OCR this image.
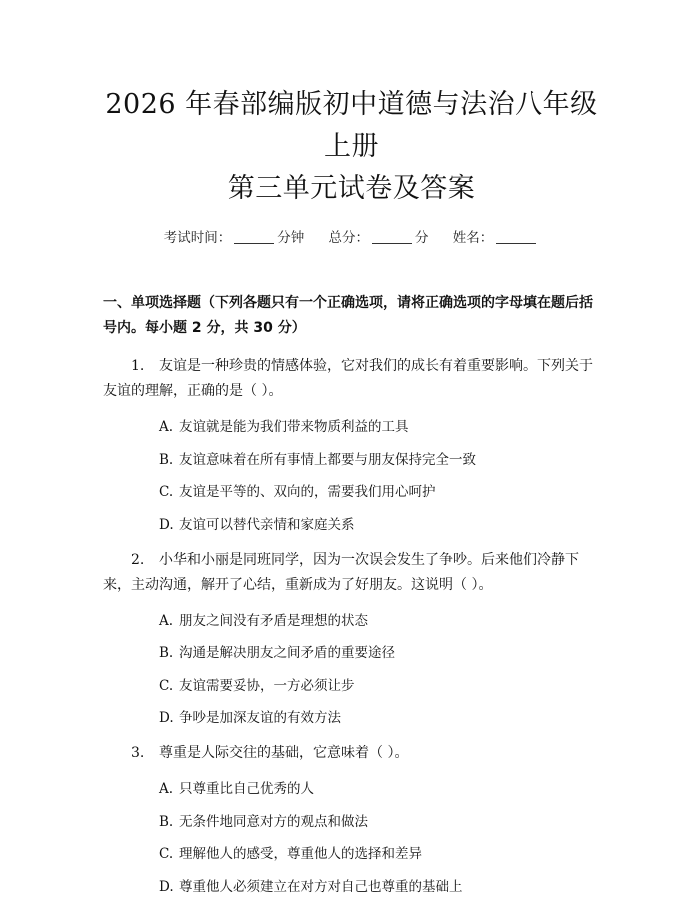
2026 年春部编版初中道德与法治八年级上册
第三单元试卷及答案
考试时间：	分钟 总分：	分 姓名：
一、单项选择题（下列各题只有一个正确选项，请将正确选项的字母填在题后括号内。每小题 2 分，共 30 分）
1. 友谊是一种珍贵的情感体验，它对我们的成长有着重要影响。下列关于友谊的理解，正确的是（ ）。
A. 友谊就是能为我们带来物质利益的工具
B. 友谊意味着在所有事情上都要与朋友保持完全一致
C. 友谊是平等的、双向的，需要我们用心呵护
D. 友谊可以替代亲情和家庭关系
2. 小华和小丽是同班同学，因为一次误会发生了争吵。后来他们冷静下来，主动沟通，解开了心结，重新成为了好朋友。这说明（ ）。
A. 朋友之间没有矛盾是理想的状态
B. 沟通是解决朋友之间矛盾的重要途径
C. 友谊需要妥协，一方必须让步
D. 争吵是加深友谊的有效方法
3. 尊重是人际交往的基础，它意味着（ ）。
A. 只尊重比自己优秀的人
B. 无条件地同意对方的观点和做法
C. 理解他人的感受，尊重他人的选择和差异
D. 尊重他人必须建立在对方对自己也尊重的基础上
